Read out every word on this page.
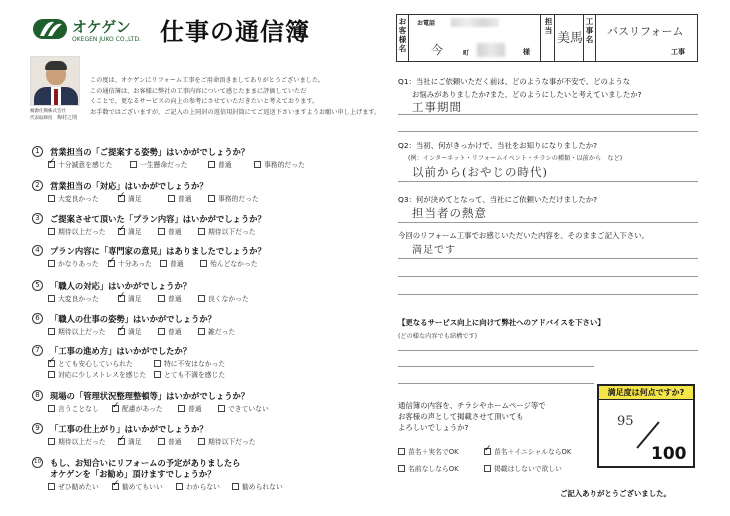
オケゲン
OKEGEN JUKO CO.,LTD. 仕事の通信簿
桶源住興株式会社
代表取締役　 梅村之則

この度は、オケゲンにリフォーム工事をご用命頂きましてありがとうございました。

この通信簿は、お客様に弊社の工事内容について感じたままに評価していただ

くことで、更なるサービスの向上の参考にさせていただきたいと考えております。

お手数ではございますが、ご記入の上同封の返信用封筒にてご返送下さいますようお願い申し上げます。

1	営業担当の「ご提案する姿勢」はいかがでしょうか？
✓
十分誠意を感じた	一生懸命だった	普通	事務的だった
2	営業担当の「対応」はいかがでしょうか？
大変良かった ✓	満足	普通	事務的だった
3	ご提案させて頂いた「プラン内容」はいかがでしょうか？
期待以上だった ✓	満足	普通	期待以下だった
4	プラン内容に「専門家の意見」はありましたでしょうか？
かなりあった ✓	十分あった	普通	殆んどなかった
5	「職人の対応」はいかがでしょうか？
大変良かった ✓	満足	普通	良くなかった
6	「職人の仕事の姿勢」はいかがでしょうか？
期待以上だった ✓	満足	普通	雑だった
7	「工事の進め方」はいかがでしたか？
✓
とても安心していられた	特に不安はなかった
対応に少しストレスを感じた	とても不満を感じた
8	現場の「管理状況整理整頓等」はいかがでしょうか？
言うことなし ✓	配慮があった	普通	できていない
9	「工事の仕上がり」はいかがでしょうか？
期待以上だった ✓	満足	普通	期待以下だった
10 もし、お知合いにリフォームの予定がありましたら
オケゲンを「お勧め」頂けますでしょうか？
ぜひ勧めたい ✓	勧めてもいい	わからない	勧められない
お客様名
お電話
今	町	様
担当
美馬
工事名
バスリフォーム
工事
Q1：当社にご依頼いただく前は、どのような事が不安で、どのような
お悩みがありましたか?また、どのようにしたいと考えていましたか?
工事期間
Q2：当初、何がきっかけで、当社をお知りになりましたか?
(例：インターネット・リフォームイベント・チラシの種類・以前から　など)
以前から(おやじの時代)
Q3：何が決めてとなって、当社にご依頼いただけましたか?
担当者の熱意
今回のリフォーム工事でお感じいただいた内容を、そのままご記入下さい。
満足です
【更なるサービス向上に向けて弊社へのアドバイスを下さい】
(どの様な内容でも結構です)
通信簿の内容を、チラシやホームページ等で
お客様の声として掲載させて頂いても
よろしいでしょうか?
苗名＋実名でOK ✓	苗名＋イニシャルならOK
名前なしならOK	掲載はしないで欲しい
満足度は何点ですか?
95
100
ご記入ありがとうございました。
